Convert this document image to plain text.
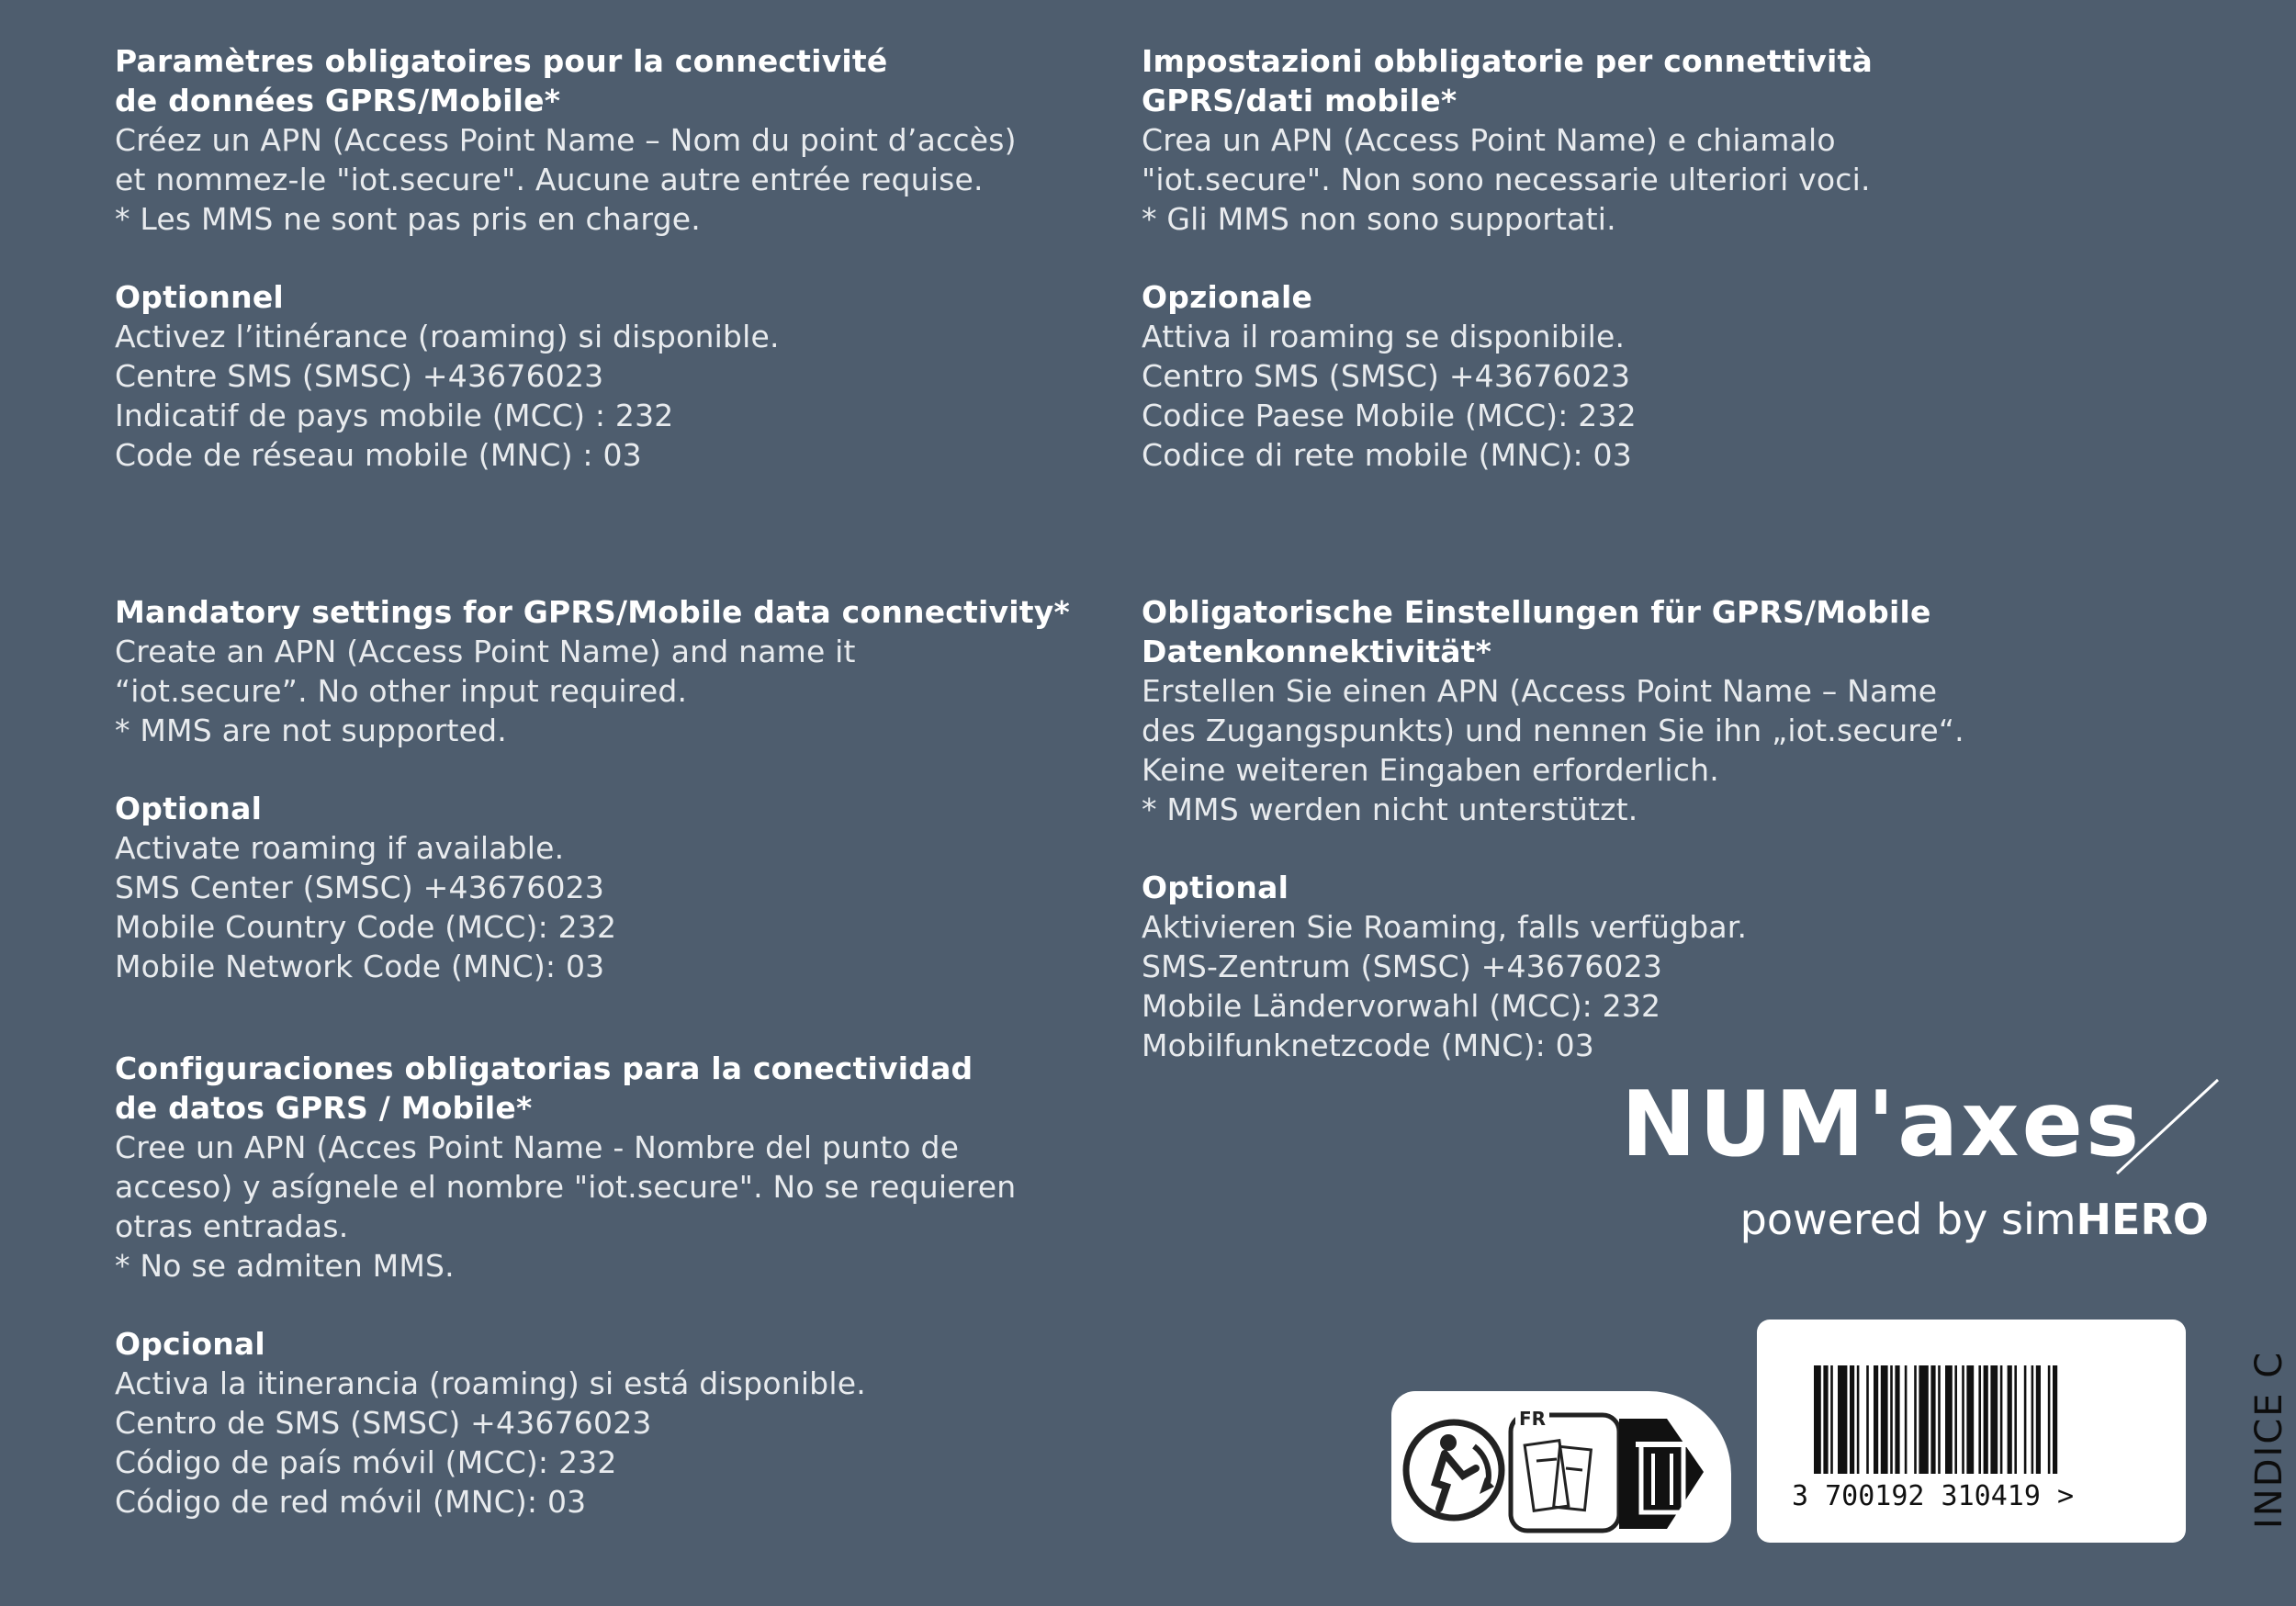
Paramètres obligatoires pour la connectivité
de données GPRS/Mobile*
Créez un APN (Access Point Name – Nom du point d’accès)
et nommez-le "iot.secure". Aucune autre entrée requise.
* Les MMS ne sont pas pris en charge.
Optionnel
Activez l’itinérance (roaming) si disponible.
Centre SMS (SMSC) +43676023
Indicatif de pays mobile (MCC) : 232
Code de réseau mobile (MNC) : 03
Impostazioni obbligatorie per connettività
GPRS/dati mobile*
Crea un APN (Access Point Name) e chiamalo
"iot.secure". Non sono necessarie ulteriori voci.
* Gli MMS non sono supportati.
Opzionale
Attiva il roaming se disponibile.
Centro SMS (SMSC) +43676023
Codice Paese Mobile (MCC): 232
Codice di rete mobile (MNC): 03
Mandatory settings for GPRS/Mobile data connectivity*
Create an APN (Access Point Name) and name it
“iot.secure”. No other input required.
* MMS are not supported.
Optional
Activate roaming if available.
SMS Center (SMSC) +43676023
Mobile Country Code (MCC): 232
Mobile Network Code (MNC): 03
Obligatorische Einstellungen für GPRS/Mobile
Datenkonnektivität*
Erstellen Sie einen APN (Access Point Name – Name
des Zugangspunkts) und nennen Sie ihn „iot.secure“.
Keine weiteren Eingaben erforderlich.
* MMS werden nicht unterstützt.
Optional
Aktivieren Sie Roaming, falls verfügbar.
SMS-Zentrum (SMSC) +43676023
Mobile Ländervorwahl (MCC): 232
Mobilfunknetzcode (MNC): 03
Configuraciones obligatorias para la conectividad
de datos GPRS / Mobile*
Cree un APN (Acces Point Name - Nombre del punto de
acceso) y asígnele el nombre "iot.secure". No se requieren
otras entradas.
* No se admiten MMS.
Opcional
Activa la itinerancia (roaming) si está disponible.
Centro de SMS (SMSC) +43676023
Código de país móvil (MCC): 232
Código de red móvil (MNC): 03
NUM'axes
powered by simHERO
FR
3 700192 310419 >	INDICE C
